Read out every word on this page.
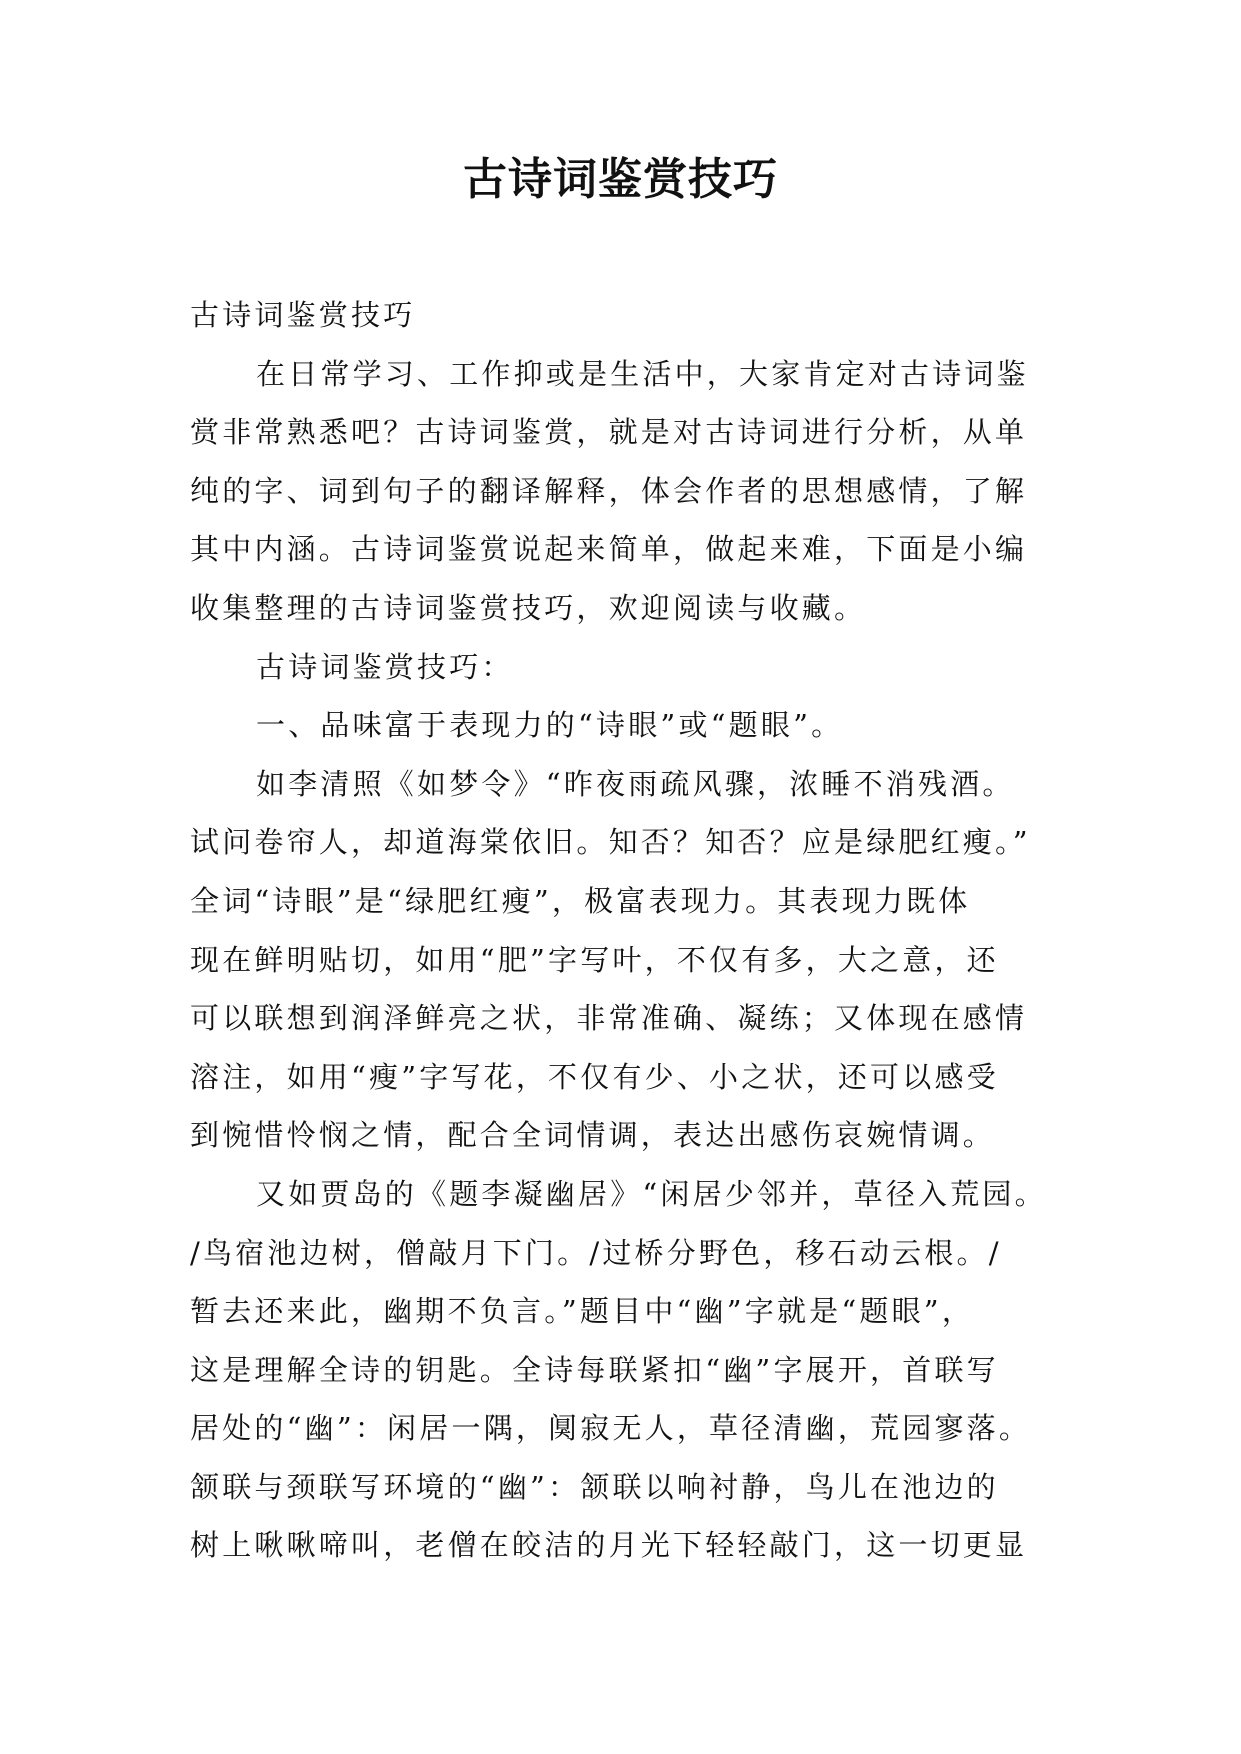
古诗词鉴赏技巧
古诗词鉴赏技巧
在日常学习、工作抑或是生活中，大家肯定对古诗词鉴
赏非常熟悉吧？古诗词鉴赏，就是对古诗词进行分析，从单
纯的字、词到句子的翻译解释，体会作者的思想感情，了解
其中内涵。古诗词鉴赏说起来简单，做起来难，下面是小编
收集整理的古诗词鉴赏技巧，欢迎阅读与收藏。
古诗词鉴赏技巧：
一、品味富于表现力的“诗眼”或“题眼”。
如李清照《如梦令》“昨夜雨疏风骤，浓睡不消残酒。
试问卷帘人，却道海棠依旧。知否？知否？应是绿肥红瘦。”
全词“诗眼”是“绿肥红瘦”，极富表现力。其表现力既体
现在鲜明贴切，如用“肥”字写叶，不仅有多，大之意，还
可以联想到润泽鲜亮之状，非常准确、凝练；又体现在感情
溶注，如用“瘦”字写花，不仅有少、小之状，还可以感受
到惋惜怜悯之情，配合全词情调，表达出感伤哀婉情调。
又如贾岛的《题李凝幽居》“闲居少邻并，草径入荒园。
/鸟宿池边树，僧敲月下门。/过桥分野色，移石动云根。/
暂去还来此，幽期不负言。”题目中“幽”字就是“题眼”，
这是理解全诗的钥匙。全诗每联紧扣“幽”字展开，首联写
居处的“幽”：闲居一隅，阒寂无人，草径清幽，荒园寥落。
颔联与颈联写环境的“幽”：颔联以响衬静，鸟儿在池边的
树上啾啾啼叫，老僧在皎洁的月光下轻轻敲门，这一切更显
